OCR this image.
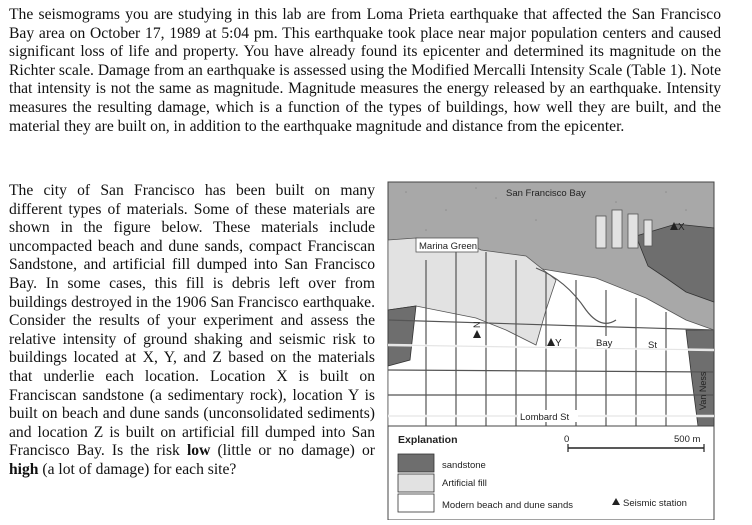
The seismograms you are studying in this lab are from Loma Prieta earthquake that affected the San Francisco Bay area on October 17, 1989 at 5:04 pm. This earthquake took place near major population centers and caused significant loss of life and property. You have already found its epicenter and determined its magnitude on the Richter scale. Damage from an earthquake is assessed using the Modified Mercalli Intensity Scale (Table 1). Note that intensity is not the same as magnitude. Magnitude measures the energy released by an earthquake. Intensity measures the resulting damage, which is a function of the types of buildings, how well they are built, and the material they are built on, in addition to the earthquake magnitude and distance from the epicenter.

The city of San Francisco has been built on many different types of materials. Some of these materials are shown in the figure below. These materials include uncompacted beach and dune sands, compact Franciscan Sandstone, and artificial fill dumped into San Francisco Bay. In some cases, this fill is debris left over from buildings destroyed in the 1906 San Francisco earthquake. Consider the results of your experiment and assess the relative intensity of ground shaking and seismic risk to buildings located at X, Y, and Z based on the materials that underlie each location. Location X is built on Franciscan sandstone (a sedimentary rock), location Y is built on beach and dune sands (unconsolidated sediments) and location Z is built on artificial fill dumped into San Francisco Bay. Is the risk low (little or no damage) or high (a lot of damage) for each site?

Marina Green
San Francisco Bay
N
X
Y	Bay	St
Lombard St
Van Ness
Explanation	0	500 m
sandstone
Artificial fill
Modern beach and dune sands	Seismic station
